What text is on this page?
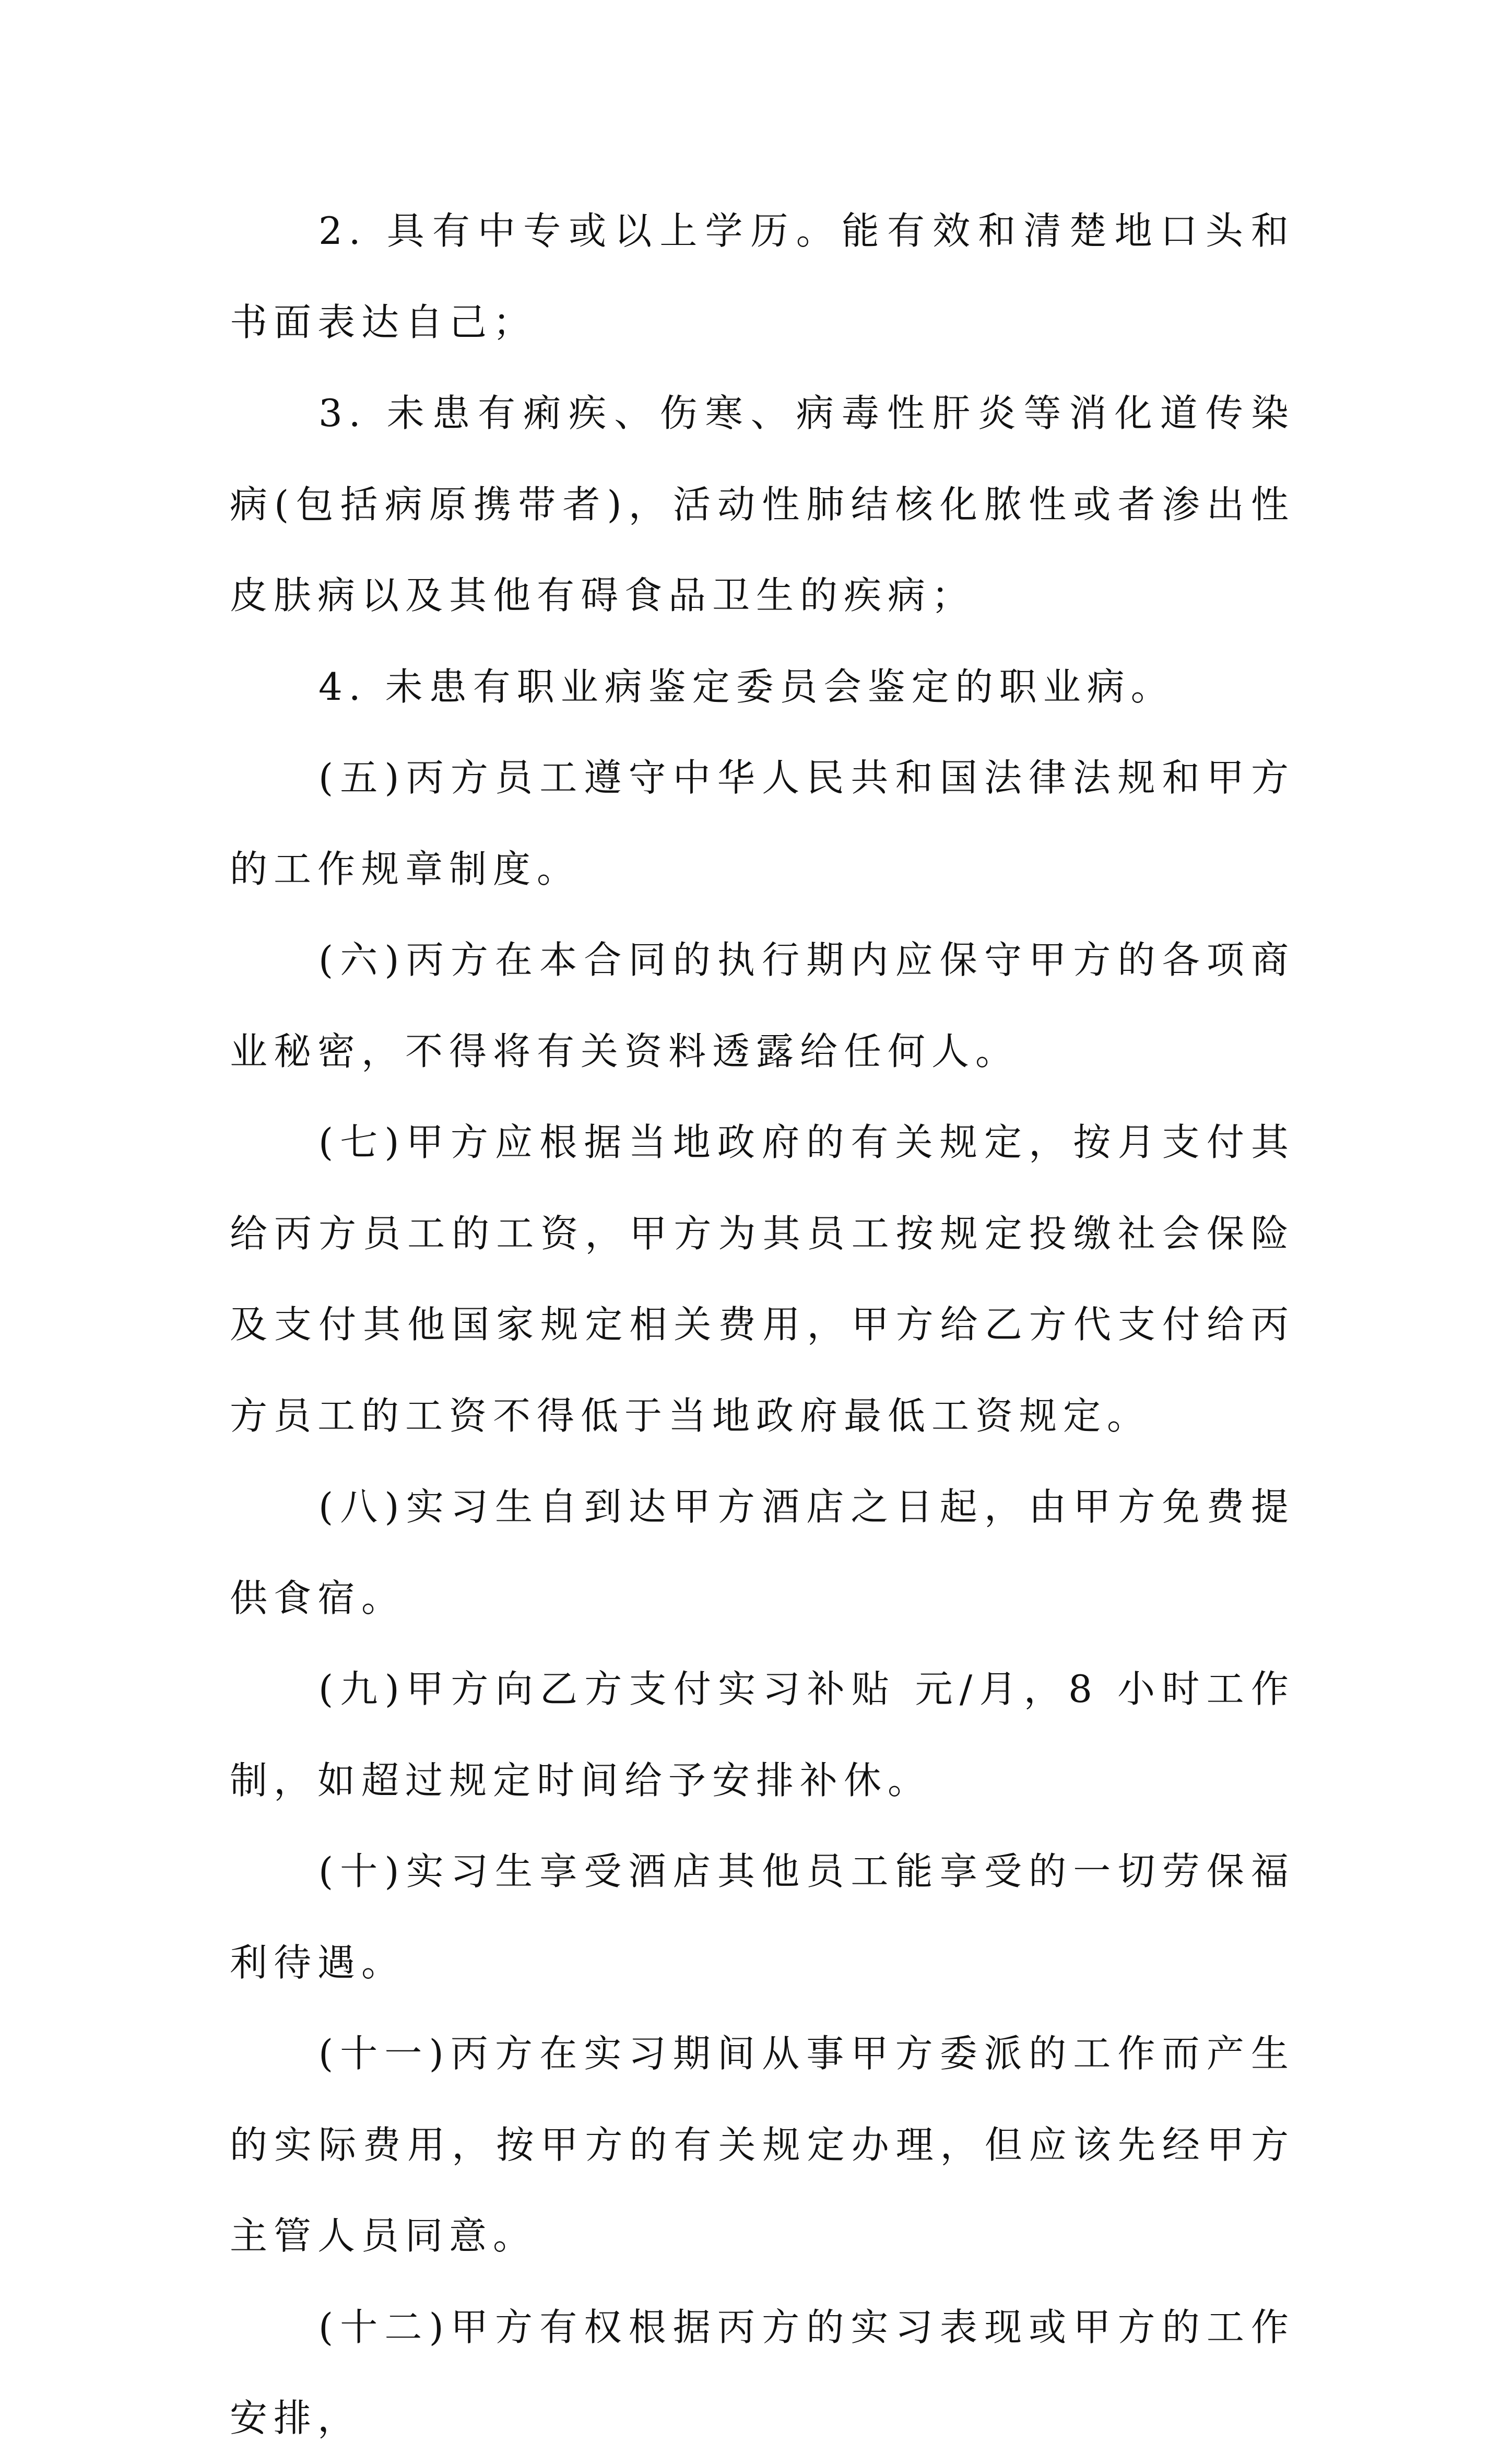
2. 具有中专或以上学历。能有效和清楚地口头和书面表达自己；

3. 未患有痢疾、伤寒、病毒性肝炎等消化道传染病(包括病原携带者)，活动性肺结核化脓性或者渗出性皮肤病以及其他有碍食品卫生的疾病；

4. 未患有职业病鉴定委员会鉴定的职业病。

(五)丙方员工遵守中华人民共和国法律法规和甲方的工作规章制度。

(六)丙方在本合同的执行期内应保守甲方的各项商业秘密，不得将有关资料透露给任何人。

(七)甲方应根据当地政府的有关规定，按月支付其给丙方员工的工资，甲方为其员工按规定投缴社会保险及支付其他国家规定相关费用，甲方给乙方代支付给丙方员工的工资不得低于当地政府最低工资规定。

(八)实习生自到达甲方酒店之日起，由甲方免费提供食宿。

(九)甲方向乙方支付实习补贴 元/月，8 小时工作制，如超过规定时间给予安排补休。

(十)实习生享受酒店其他员工能享受的一切劳保福利待遇。

(十一)丙方在实习期间从事甲方委派的工作而产生的实际费用，按甲方的有关规定办理，但应该先经甲方主管人员同意。

(十二)甲方有权根据丙方的实习表现或甲方的工作安排，
